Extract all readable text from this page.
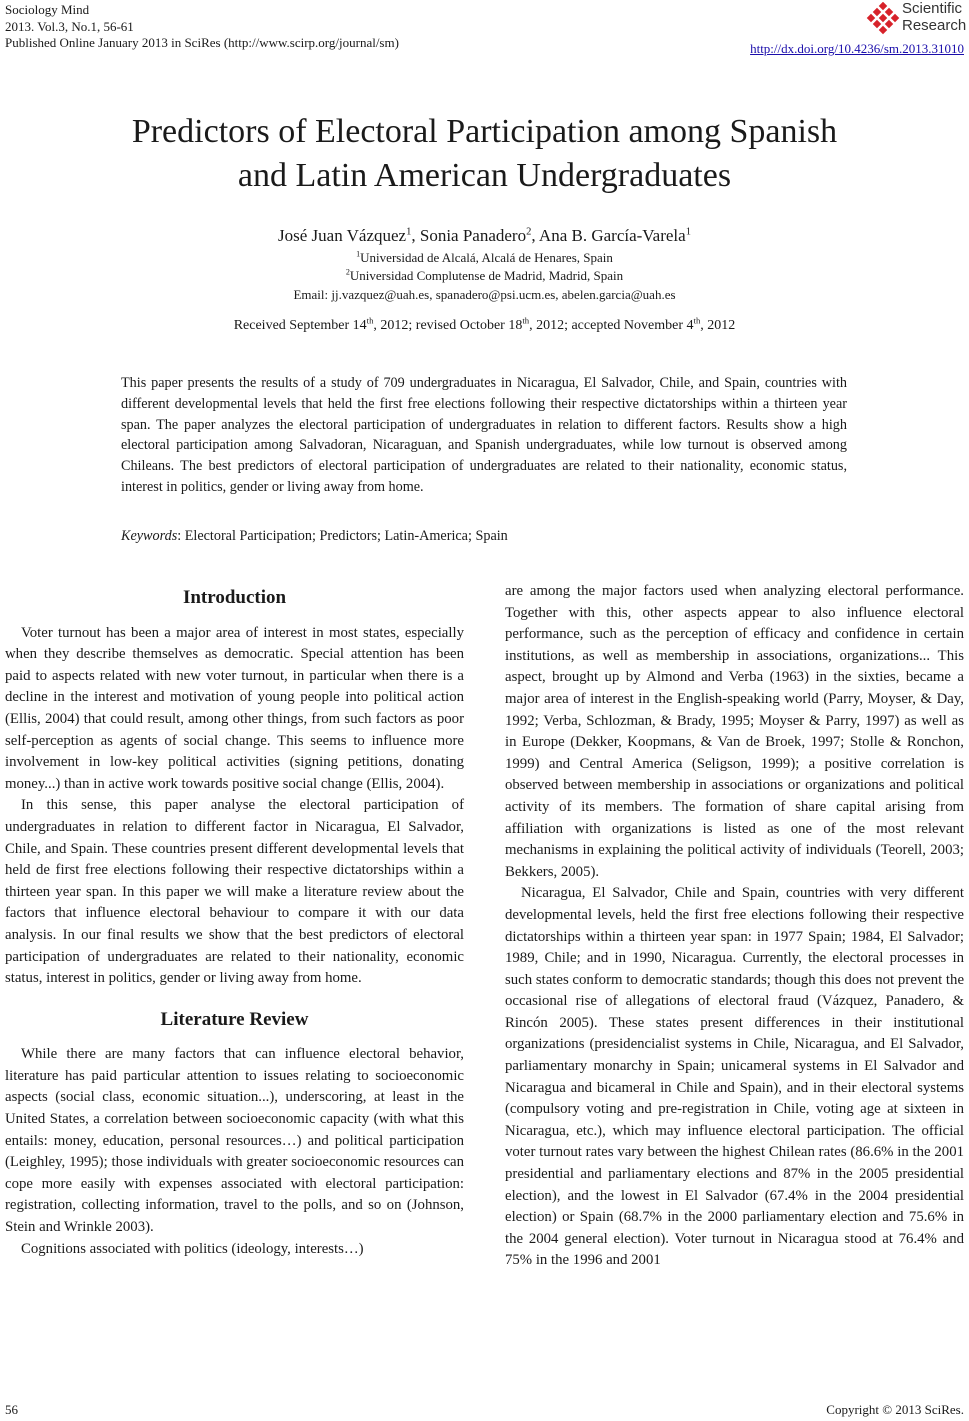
Sociology Mind
2013. Vol.3, No.1, 56-61
Published Online January 2013 in SciRes (http://www.scirp.org/journal/sm)
Scientific
Research
http://dx.doi.org/10.4236/sm.2013.31010
Predictors of Electoral Participation among Spanish
and Latin American Undergraduates
José Juan Vázquez$^1$, Sonia Panadero$^2$, Ana B. García-Varela$^1$
$^1$Universidad de Alcalá, Alcalá de Henares, Spain
$^2$Universidad Complutense de Madrid, Madrid, Spain
Email: jj.vazquez@uah.es, spanadero@psi.ucm.es, abelen.garcia@uah.es
Received September 14th, 2012; revised October 18th, 2012; accepted November 4th, 2012
This paper presents the results of a study of 709 undergraduates in Nicaragua, El Salvador, Chile, and Spain, countries with different developmental levels that held the first free elections following their respective dictatorships within a thirteen year span. The paper analyzes the electoral participation of undergraduates in relation to different factors. Results show a high electoral participation among Salvadoran, Nicaraguan, and Spanish undergraduates, while low turnout is observed among Chileans. The best predictors of electoral participation of undergraduates are related to their nationality, economic status, interest in politics, gender or living away from home.
Keywords: Electoral Participation; Predictors; Latin-America; Spain
Introduction

Voter turnout has been a major area of interest in most states, especially when they describe themselves as democratic. Special attention has been paid to aspects related with new voter turnout, in particular when there is a decline in the interest and motivation of young people into political action (Ellis, 2004) that could result, among other things, from such factors as poor self-perception as agents of social change. This seems to influence more involvement in low-key political activities (signing petitions, donating money...) than in active work towards positive social change (Ellis, 2004).

In this sense, this paper analyse the electoral participation of undergraduates in relation to different factor in Nicaragua, El Salvador, Chile, and Spain. These countries present different developmental levels that held de first free elections following their respective dictatorships within a thirteen year span. In this paper we will make a literature review about the factors that influence electoral behaviour to compare it with our data analysis. In our final results we show that the best predictors of electoral participation of undergraduates are related to their nationality, economic status, interest in politics, gender or living away from home.

Literature Review

While there are many factors that can influence electoral behavior, literature has paid particular attention to issues relating to socioeconomic aspects (social class, economic situation...), underscoring, at least in the United States, a correlation between socioeconomic capacity (with what this entails: money, education, personal resources…) and political participation (Leighley, 1995); those individuals with greater socioeconomic resources can cope more easily with expenses associated with electoral participation: registration, collecting information, travel to the polls, and so on (Johnson, Stein and Wrinkle 2003).

Cognitions associated with politics (ideology, interests…)

are among the major factors used when analyzing electoral performance. Together with this, other aspects appear to also influence electoral performance, such as the perception of efficacy and confidence in certain institutions, as well as membership in associations, organizations... This aspect, brought up by Almond and Verba (1963) in the sixties, became a major area of interest in the English-speaking world (Parry, Moyser, & Day, 1992; Verba, Schlozman, & Brady, 1995; Moyser & Parry, 1997) as well as in Europe (Dekker, Koopmans, & Van de Broek, 1997; Stolle & Ronchon, 1999) and Central America (Seligson, 1999); a positive correlation is observed between membership in associations or organizations and political activity of its members. The formation of share capital arising from affiliation with organizations is listed as one of the most relevant mechanisms in explaining the political activity of individuals (Teorell, 2003; Bekkers, 2005).

Nicaragua, El Salvador, Chile and Spain, countries with very different developmental levels, held the first free elections following their respective dictatorships within a thirteen year span: in 1977 Spain; 1984, El Salvador; 1989, Chile; and in 1990, Nicaragua. Currently, the electoral processes in such states conform to democratic standards; though this does not prevent the occasional rise of allegations of electoral fraud (Vázquez, Panadero, & Rincón 2005). These states present differences in their institutional organizations (presidencialist systems in Chile, Nicaragua, and El Salvador, parliamentary monarchy in Spain; unicameral systems in El Salvador and Nicaragua and bicameral in Chile and Spain), and in their electoral systems (compulsory voting and pre-registration in Chile, voting age at sixteen in Nicaragua, etc.), which may influence electoral participation. The official voter turnout rates vary between the highest Chilean rates (86.6% in the 2001 presidential and parliamentary elections and 87% in the 2005 presidential election), and the lowest in El Salvador (67.4% in the 2004 presidential election) or Spain (68.7% in the 2000 parliamentary election and 75.6% in the 2004 general election). Voter turnout in Nicaragua stood at 76.4% and 75% in the 1996 and 2001

56	Copyright © 2013 SciRes.
